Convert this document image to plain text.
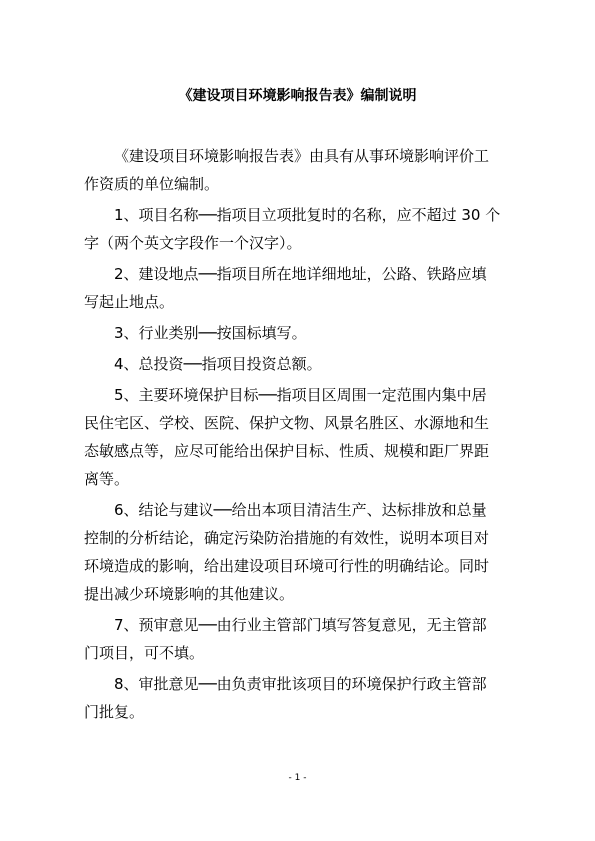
《建设项目环境影响报告表》编制说明
《建设项目环境影响报告表》由具有从事环境影响评价工
作资质的单位编制。
1、项目名称──指项目立项批复时的名称，应不超过 30 个
字（两个英文字段作一个汉字）。
2、建设地点──指项目所在地详细地址，公路、铁路应填
写起止地点。
3、行业类别──按国标填写。
4、总投资──指项目投资总额。
5、主要环境保护目标──指项目区周围一定范围内集中居
民住宅区、学校、医院、保护文物、风景名胜区、水源地和生
态敏感点等，应尽可能给出保护目标、性质、规模和距厂界距
离等。
6、结论与建议──给出本项目清洁生产、达标排放和总量
控制的分析结论，确定污染防治措施的有效性，说明本项目对
环境造成的影响，给出建设项目环境可行性的明确结论。同时
提出减少环境影响的其他建议。
7、预审意见──由行业主管部门填写答复意见，无主管部
门项目，可不填。
8、审批意见──由负责审批该项目的环境保护行政主管部
门批复。
- 1 -
